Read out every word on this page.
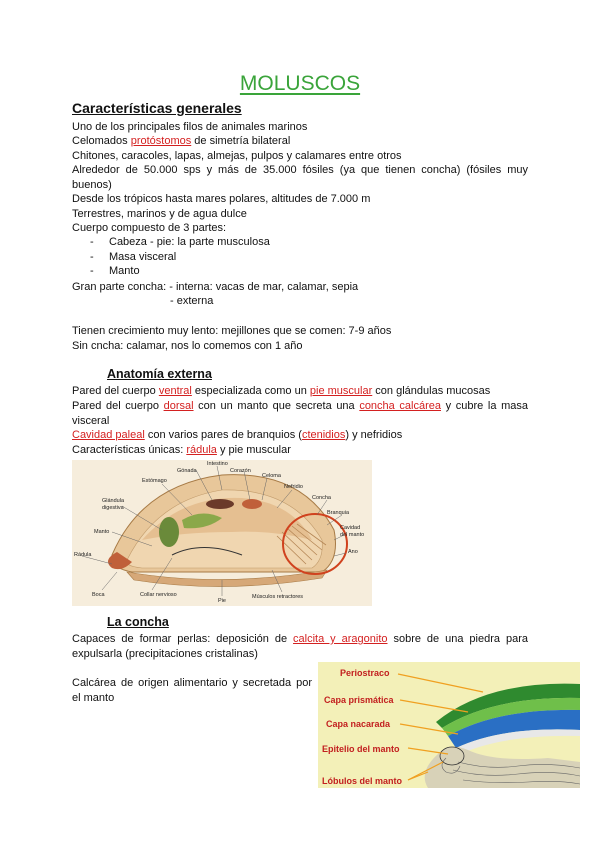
MOLUSCOS
Características generales
Uno de los principales filos de animales marinos
Celomados protóstomos de simetría bilateral
Chitones, caracoles, lapas, almejas, pulpos y calamares entre otros
Alrededor de 50.000 sps y más de 35.000 fósiles (ya que tienen concha) (fósiles muy buenos)
Desde los trópicos hasta mares polares, altitudes de 7.000 m
Terrestres, marinos y de agua dulce
Cuerpo compuesto de 3 partes:
- Cabeza - pie: la parte musculosa
- Masa visceral
- Manto
Gran parte concha: - interna: vacas de mar, calamar, sepia
- externa
Tienen crecimiento muy lento: mejillones que se comen: 7-9 años
Sin cncha: calamar, nos lo comemos con 1 año
Anatomía externa
Pared del cuerpo ventral especializada como un pie muscular con glándulas mucosas
Pared del cuerpo dorsal con un manto que secreta una concha calcárea y cubre la masa visceral
Cavidad paleal con varios pares de branquios (ctenidios) y nefridios
Características únicas: rádula y pie muscular
Intestino
Gónada	Corazón
Celoma
Estómago
Nefridio
Glándula
digestiva
Concha
Branquia
Cavidad
del manto
Manto
Ano
Rádula
Boca	Collar nervioso
Pie
Músculos retractores
La concha
Capaces de formar perlas: deposición de calcita y aragonito sobre de una piedra para expulsarla (precipitaciones cristalinas)
Calcárea de origen alimentario y secretada por el manto
Periostraco
Capa prismática
Capa nacarada
Epitelio del manto
Lóbulos del manto
